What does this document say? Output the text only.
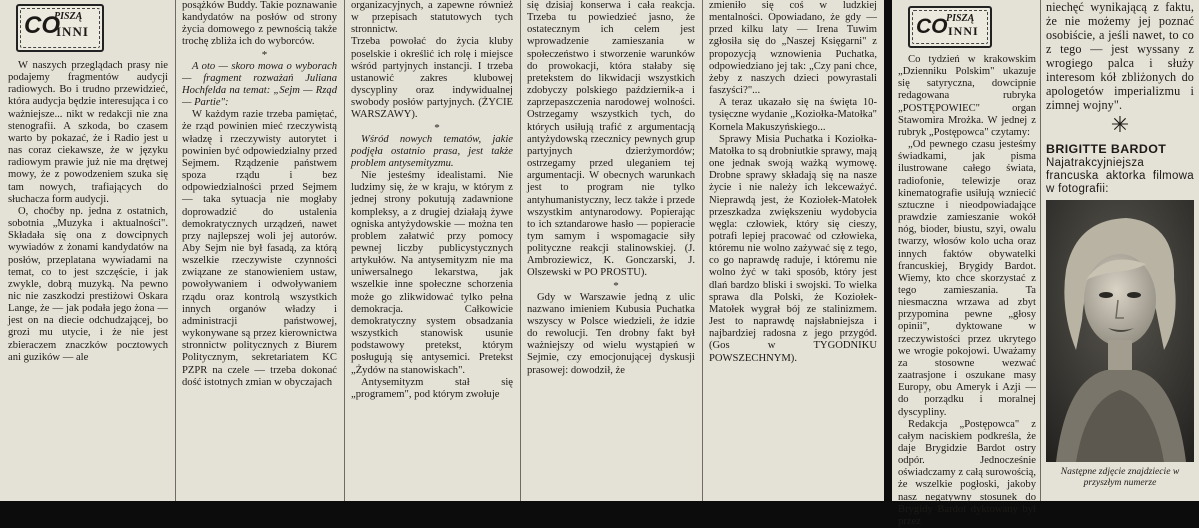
CO
PISZĄ
INNI

W naszych przeglądach prasy nie podajemy fragmentów audycji radiowych. Bo i trudno przewidzieć, która audycja będzie interesująca i co ważniejsze... nikt w redakcji nie zna stenografii. A szkoda, bo czasem warto by pokazać, że i Radio jest u nas coraz ciekawsze, że w języku radiowym prawie już nie ma drętwej mowy, że z powodzeniem szuka się tam nowych, trafiających do słuchacza form audycji.

O, choćby np. jedna z ostatnich, sobotnia „Muzyka i aktualności". Składała się ona z dowcipnych wywiadów z żonami kandydatów na posłów, przeplatana wywiadami na temat, co to jest szczęście, i jak zwykle, dobrą muzyką. Na pewno nic nie zaszkodzi prestiżowi Oskara Lange, że — jak podała jego żona — jest on na diecie odchudzającej, bo grozi mu utycie, i że nie jest zbieraczem znaczków pocztowych ani guzików — ale

posążków Buddy. Takie poznawanie kandydatów na posłów od strony życia domowego z pewnością także trochę zbliża ich do wyborców.

*

A oto — skoro mowa o wyborach — fragment rozważań Juliana Hochfelda na temat: „Sejm — Rząd — Partie":

W każdym razie trzeba pamiętać, że rząd powinien mieć rzeczywistą władzę i rzeczywisty autorytet i powinien być odpowiedzialny przed Sejmem. Rządzenie państwem spoza rządu i bez odpowiedzialności przed Sejmem — taka sytuacja nie mogłaby doprowadzić do ustalenia demokratycznych urządzeń, nawet przy najlepszej woli jej autorów. Aby Sejm nie był fasadą, za którą wszelkie rzeczywiste czynności związane ze stanowieniem ustaw, powoływaniem i odwoływaniem rządu oraz kontrolą wszystkich innych organów władzy i administracji państwowej, wykonywane są przez kierownictwa stronnictw politycznych z Biurem Politycznym, sekretariatem KC PZPR na czele — trzeba dokonać dość istotnych zmian w obyczajach

organizacyjnych, a zapewne również w przepisach statutowych tych stronnictw.

Trzeba powołać do życia kluby poselskie i określić ich rolę i miejsce wśród partyjnych instancji. I trzeba ustanowić zakres klubowej dyscypliny oraz indywidualnej swobody posłów partyjnych. (ŻYCIE WARSZAWY).

*

Wśród nowych tematów, jakie podjęła ostatnio prasa, jest także problem antysemityzmu.

Nie jesteśmy idealistami. Nie ludzimy się, że w kraju, w którym z jednej strony pokutują zadawnione kompleksy, a z drugiej działają żywe ogniska antyżydowskie — można ten problem załatwić przy pomocy pewnej liczby publicystycznych artykułów. Na antysemityzm nie ma uniwersalnego lekarstwa, jak wszelkie inne społeczne schorzenia może go zlikwidować tylko pełna demokracja. Całkowicie demokratyczny system obsadzania wszystkich stanowisk usunie podstawowy pretekst, którym posługują się antysemici. Pretekst „Żydów na stanowiskach".

Antysemityzm stał się „programem", pod którym zwołuje

się dzisiaj konserwa i cała reakcja. Trzeba tu powiedzieć jasno, że ostatecznym ich celem jest wprowadzenie zamieszania w społeczeństwo i stworzenie warunków do prowokacji, która stałaby się pretekstem do likwidacji wszystkich zdobyczy polskiego październik-a i zaprzepaszczenia narodowej wolności. Ostrzegamy wszystkich tych, do których usiłują trafić z argumentacją antyżydowską rzecznicy pewnych grup partyjnych dzierżymordów; ostrzegamy przed uleganiem tej argumentacji. W obecnych warunkach jest to program nie tylko antyhumanistyczny, lecz także i przede wszystkim antynarodowy. Popierając to ich sztandarowe hasło — popieracie tym samym i wspomagacie siły polityczne reakcji stalinowskiej. (J. Ambroziewicz, K. Gonczarski, J. Olszewski w PO PROSTU).

*

Gdy w Warszawie jedną z ulic nazwano imieniem Kubusia Puchatka wszyscy w Polsce wiedzieli, że idzie do rewolucji. Ten drobny fakt był ważniejszy od wielu wystąpień w Sejmie, czy emocjonującej dyskusji prasowej: dowodził, że

zmieniło się coś w ludzkiej mentalności. Opowiadano, że gdy — przed kilku laty — Irena Tuwim zgłosiła się do „Naszej Księgarni" z propozycją wznowienia Puchatka, odpowiedziano jej tak: „Czy pani chce, żeby z naszych dzieci powyrastali faszyści?"...

A teraz ukazało się na święta 10-tysięczne wydanie „Koziołka-Matołka" Kornela Makuszyńskiego...

Sprawy Misia Puchatka i Koziołka-Matołka to są drobniutkie sprawy, mają one jednak swoją ważką wymowę. Drobne sprawy składają się na nasze życie i nie należy ich lekceważyć. Nieprawdą jest, że Koziołek-Matołek przeszkadza zwiększeniu wydobycia węgla: człowiek, który się cieszy, potrafi lepiej pracować od człowieka, któremu nie wolno zażywać się z tego, co go naprawdę raduje, i któremu nie wolno żyć w taki sposób, który jest dlań bardzo bliski i swojski. To wielka sprawa dla Polski, że Koziołek-Matołek wygrał bój ze stalinizmem. Jest to naprawdę najsłabniejsza i najbardziej radosna z jego przygód. (Gos w TYGODNIKU POWSZECHNYM).

CO
PISZĄ
INNI

Co tydzień w krakowskim „Dzienniku Polskim" ukazuje się satyryczna, dowcipnie redagowana rubryka „POSTĘPOWIEC" organ Stawomira Mrożka. W jednej z rubryk „Postępowca" czytamy:

„Od pewnego czasu jesteśmy świadkami, jak pisma ilustrowane całego świata, radiofonie, telewizje oraz kinematografie usiłują wzniecić sztuczne i nieodpowiadające prawdzie zamieszanie wokół nóg, bioder, biustu, szyi, owalu twarzy, włosów kolo ucha oraz innych faktów obywatelki francuskiej, Brygidy Bardot. Wiemy, kto chce skorzystać z tego zamieszania. Ta niesmaczna wrzawa ad zbyt przypomina pewne „głosy opinii", dyktowane w rzeczywistości przez ukrytego we wrogie pokojowi. Uważamy za stosowne wezwać zaatrasjone i oszukane masy Europy, obu Ameryk i Azji — do porządku i moralnej dyscypliny.

Redakcja „Postępowca" z całym naciskiem podkreśla, że daje Brygidzie Bardot ostry odpór. Jednocześnie oświadczamy z całą surowością, że wszelkie pogłoski, jakoby nasz negatywny stosunek do Brygidy Bardot dyktowany był przez

niechęć wynikającą z faktu, że nie możemy jej poznać osobiście, a jeśli nawet, to co z tego — jest wyssany z wrogiego palca i służy interesom kół zbliżonych do apologetów imperializmu i zimnej wojny".

✳
BRIGITTE BARDOT
Najatrakcyjniejsza francuska aktorka filmowa w fotografii:
Następne zdjęcie znajdziecie w przyszłym numerze
